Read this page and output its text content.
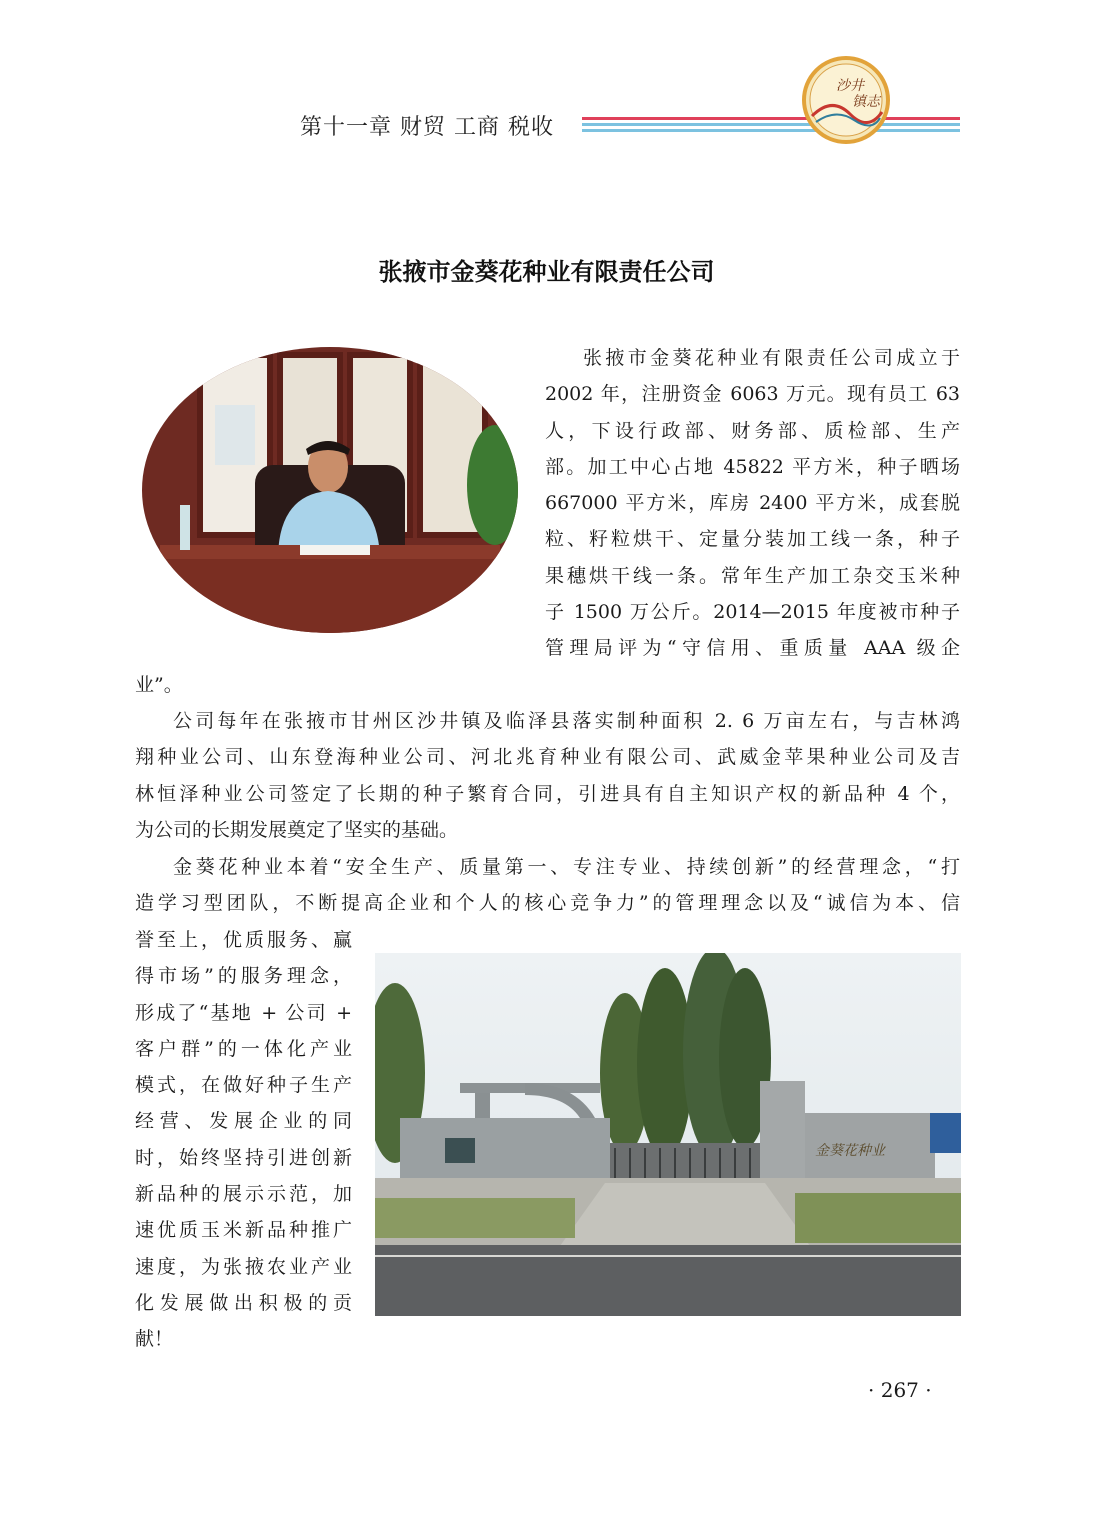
第十一章 财贸 工商 税收
沙井
镇志
张掖市金葵花种业有限责任公司
张掖市金葵花种业有限责任公司成立于
2002 年，注册资金 6063 万元。现有员工 63
人，下设行政部、财务部、质检部、生产
部。加工中心占地 45822 平方米，种子晒场
667000 平方米，库房 2400 平方米，成套脱
粒、籽粒烘干、定量分装加工线一条，种子
果穗烘干线一条。常年生产加工杂交玉米种
子 1500 万公斤。2014—2015 年度被市种子
管理局评为“守信用、重质量 AAA 级企
业”。
公司每年在张掖市甘州区沙井镇及临泽县落实制种面积 2. 6 万亩左右，与吉林鸿
翔种业公司、山东登海种业公司、河北兆育种业有限公司、武威金苹果种业公司及吉
林恒泽种业公司签定了长期的种子繁育合同，引进具有自主知识产权的新品种 4 个，
为公司的长期发展奠定了坚实的基础。
金葵花种业本着“安全生产、质量第一、专注专业、持续创新”的经营理念，“打
造学习型团队，不断提高企业和个人的核心竞争力”的管理理念以及“诚信为本、信
誉至上，优质服务、赢
得市场”的服务理念，
形成了“基地 + 公司 +
客户群”的一体化产业
模式，在做好种子生产
经营、发展企业的同
时，始终坚持引进创新
新品种的展示示范，加
速优质玉米新品种推广
速度，为张掖农业产业
化发展做出积极的贡
献！
金葵花种业
· 267 ·
